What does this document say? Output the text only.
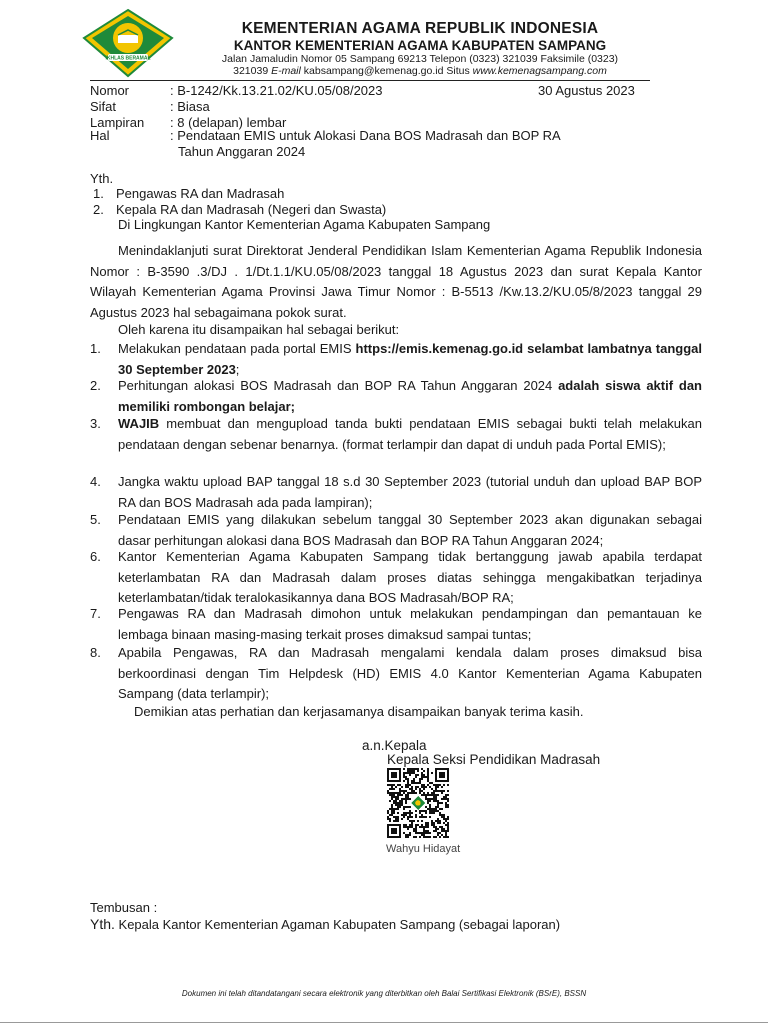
IKHLAS BERAMAL
KEMENTERIAN AGAMA REPUBLIK INDONESIA
KANTOR KEMENTERIAN AGAMA KABUPATEN SAMPANG
Jalan Jamaludin Nomor 05 Sampang 69213 Telepon (0323) 321039 Faksimile (0323)
321039 E-mail kabsampang@kemenag.go.id Situs www.kemenagsampang.com
Nomor	: B-1242/Kk.13.21.02/KU.05/08/2023	30 Agustus 2023
Sifat	: Biasa
Lampiran : 8 (delapan) lembar
Hal	: Pendataan EMIS untuk Alokasi Dana BOS Madrasah dan BOP RA
Tahun Anggaran 2024
Yth.
1. Pengawas RA dan Madrasah
2. Kepala RA dan Madrasah (Negeri dan Swasta)
Di Lingkungan Kantor Kementerian Agama Kabupaten Sampang
Menindaklanjuti surat Direktorat Jenderal Pendidikan Islam Kementerian Agama Republik Indonesia Nomor : B-3590 .3/DJ . 1/Dt.1.1/KU.05/08/2023 tanggal 18 Agustus 2023 dan surat Kepala Kantor Wilayah Kementerian Agama Provinsi Jawa Timur Nomor : B-5513 /Kw.13.2/KU.05/8/2023 tanggal 29 Agustus 2023 hal sebagaimana pokok surat.
Oleh karena itu disampaikan hal sebagai berikut:
1. Melakukan pendataan pada portal EMIS https://emis.kemenag.go.id selambat lambatnya tanggal 30 September 2023;
2. Perhitungan alokasi BOS Madrasah dan BOP RA Tahun Anggaran 2024 adalah siswa aktif dan memiliki rombongan belajar;
3. WAJIB membuat dan mengupload tanda bukti pendataan EMIS sebagai bukti telah melakukan pendataan dengan sebenar benarnya. (format terlampir dan dapat di unduh pada Portal EMIS);
4. Jangka waktu upload BAP tanggal 18 s.d 30 September 2023 (tutorial unduh dan upload BAP BOP RA dan BOS Madrasah ada pada lampiran);
5. Pendataan EMIS yang dilakukan sebelum tanggal 30 September 2023 akan digunakan sebagai dasar perhitungan alokasi dana BOS Madrasah dan BOP RA Tahun Anggaran 2024;
6. Kantor Kementerian Agama Kabupaten Sampang tidak bertanggung jawab apabila terdapat keterlambatan RA dan Madrasah dalam proses diatas sehingga mengakibatkan terjadinya keterlambatan/tidak teralokasikannya dana BOS Madrasah/BOP RA;
7. Pengawas RA dan Madrasah dimohon untuk melakukan pendampingan dan pemantauan ke lembaga binaan masing-masing terkait proses dimaksud sampai tuntas;
8. Apabila Pengawas, RA dan Madrasah mengalami kendala dalam proses dimaksud bisa berkoordinasi dengan Tim Helpdesk (HD) EMIS 4.0 Kantor Kementerian Agama Kabupaten Sampang (data terlampir);
Demikian atas perhatian dan kerjasamanya disampaikan banyak terima kasih.
a.n.Kepala
Kepala Seksi Pendidikan Madrasah
Wahyu Hidayat
Tembusan :
Yth. Kepala Kantor Kementerian Agaman Kabupaten Sampang (sebagai laporan)
Dokumen ini telah ditandatangani secara elektronik yang diterbitkan oleh Balai Sertifikasi Elektronik (BSrE), BSSN
